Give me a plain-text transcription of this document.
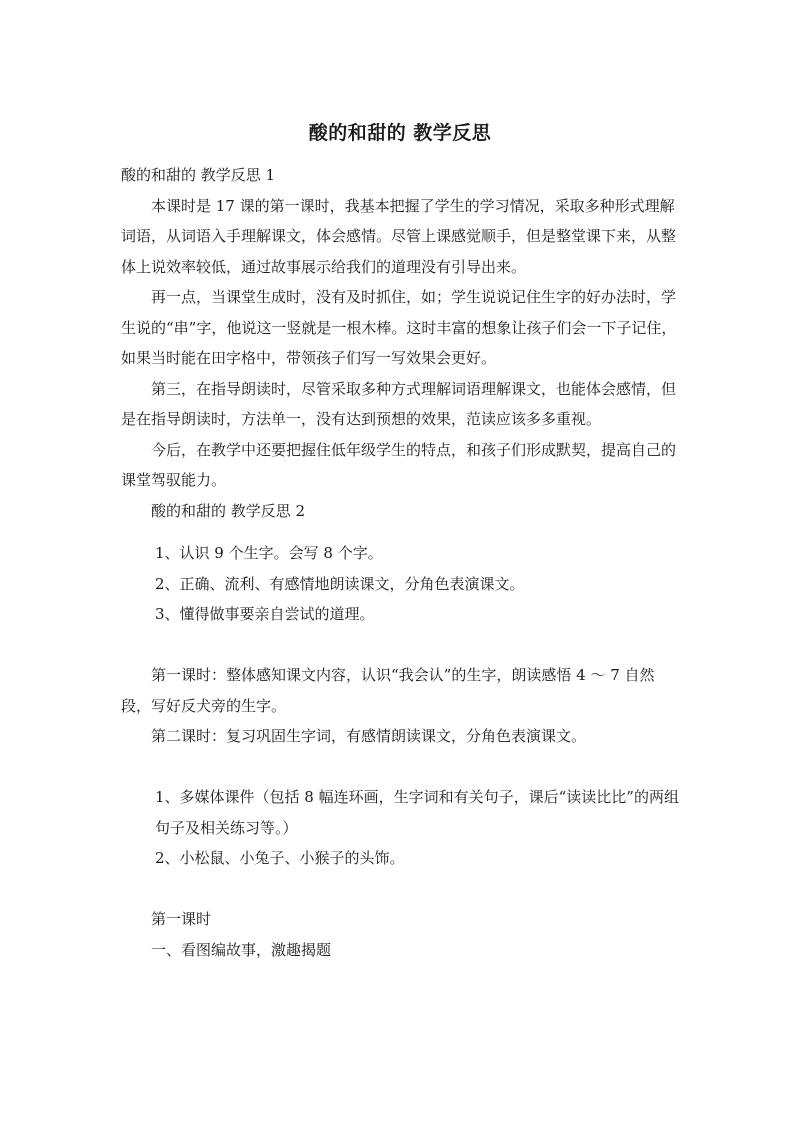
酸的和甜的 教学反思

酸的和甜的 教学反思 1

本课时是 17 课的第一课时，我基本把握了学生的学习情况，采取多种形式理解词语，从词语入手理解课文，体会感情。尽管上课感觉顺手，但是整堂课下来，从整体上说效率较低，通过故事展示给我们的道理没有引导出来。

再一点，当课堂生成时，没有及时抓住，如；学生说说记住生字的好办法时，学生说的“串”字，他说这一竖就是一根木棒。这时丰富的想象让孩子们会一下子记住，如果当时能在田字格中，带领孩子们写一写效果会更好。

第三，在指导朗读时，尽管采取多种方式理解词语理解课文，也能体会感情，但是在指导朗读时，方法单一，没有达到预想的效果，范读应该多多重视。

今后，在教学中还要把握住低年级学生的特点，和孩子们形成默契，提高自己的课堂驾驭能力。

酸的和甜的 教学反思 2

1、认识 9 个生字。会写 8 个字。

2、正确、流利、有感情地朗读课文，分角色表演课文。

3、懂得做事要亲自尝试的道理。

第一课时：整体感知课文内容，认识“我会认”的生字，朗读感悟 4 ～ 7 自然段，写好反犬旁的生字。

第二课时：复习巩固生字词，有感情朗读课文，分角色表演课文。

1、多媒体课件（包括 8 幅连环画，生字词和有关句子，课后“读读比比”的两组句子及相关练习等。）

2、小松鼠、小兔子、小猴子的头饰。

第一课时

一、看图编故事，激趣揭题
